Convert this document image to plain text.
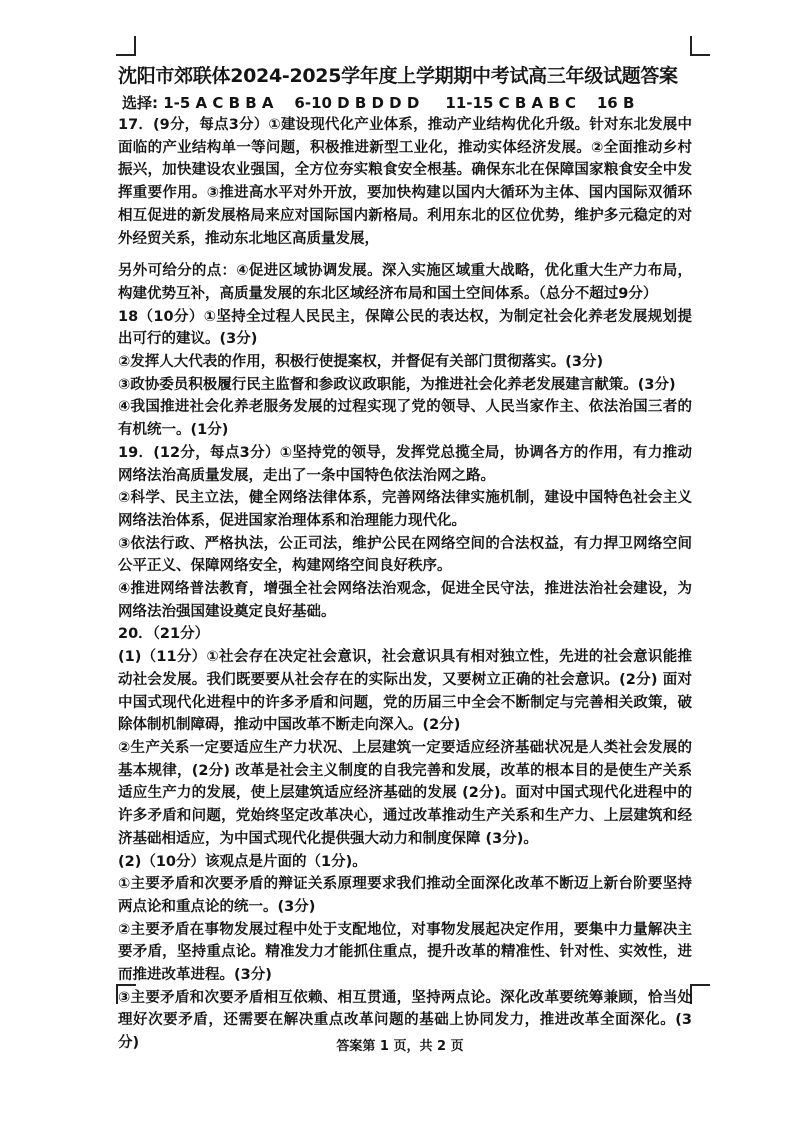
沈阳市郊联体2024-2025学年度上学期期中考试高三年级试题答案
选择: 1-5 A C B B A    6-10 D B D D D     11-15 C B A B C    16 B

17．(9分，每点3分）①建设现代化产业体系，推动产业结构优化升级。针对东北发展中面临的产业结构单一等问题，积极推进新型工业化，推动实体经济发展。②全面推动乡村振兴，加快建设农业强国，全方位夯实粮食安全根基。确保东北在保障国家粮食安全中发挥重要作用。③推进高水平对外开放，要加快构建以国内大循环为主体、国内国际双循环相互促进的新发展格局来应对国际国内新格局。利用东北的区位优势，维护多元稳定的对外经贸关系，推动东北地区高质量发展，

另外可给分的点：④促进区域协调发展。深入实施区域重大战略，优化重大生产力布局，构建优势互补，高质量发展的东北区域经济布局和国土空间体系。（总分不超过9分）

18（10分）①坚持全过程人民民主，保障公民的表达权，为制定社会化养老发展规划提出可行的建议。(3分)

②发挥人大代表的作用，积极行使提案权，并督促有关部门贯彻落实。(3分)

③政协委员积极履行民主监督和参政议政职能，为推进社会化养老发展建言献策。(3分)

④我国推进社会化养老服务发展的过程实现了党的领导、人民当家作主、依法治国三者的有机统一。(1分)

19．(12分，每点3分）①坚持党的领导，发挥党总揽全局，协调各方的作用，有力推动网络法治高质量发展，走出了一条中国特色依法治网之路。

②科学、民主立法，健全网络法律体系，完善网络法律实施机制，建设中国特色社会主义网络法治体系，促进国家治理体系和治理能力现代化。

③依法行政、严格执法，公正司法，维护公民在网络空间的合法权益，有力捍卫网络空间公平正义、保障网络安全，构建网络空间良好秩序。

④推进网络普法教育，增强全社会网络法治观念，促进全民守法，推进法治社会建设，为网络法治强国建设奠定良好基础。

20．（21分）

(1)（11分）①社会存在决定社会意识，社会意识具有相对独立性，先进的社会意识能推动社会发展。我们既要要从社会存在的实际出发，又要树立正确的社会意识。(2分) 面对中国式现代化进程中的许多矛盾和问题，党的历届三中全会不断制定与完善相关政策，破除体制机制障碍，推动中国改革不断走向深入。(2分)

②生产关系一定要适应生产力状况、上层建筑一定要适应经济基础状况是人类社会发展的基本规律，(2分) 改革是社会主义制度的自我完善和发展，改革的根本目的是使生产关系适应生产力的发展，使上层建筑适应经济基础的发展 (2分)。面对中国式现代化进程中的许多矛盾和问题，党始终坚定改革决心，通过改革推动生产关系和生产力、上层建筑和经济基础相适应，为中国式现代化提供强大动力和制度保障 (3分)。

(2)（10分）该观点是片面的（1分)。

①主要矛盾和次要矛盾的辩证关系原理要求我们推动全面深化改革不断迈上新台阶要坚持两点论和重点论的统一。(3分)

②主要矛盾在事物发展过程中处于支配地位，对事物发展起决定作用，要集中力量解决主要矛盾，坚持重点论。精准发力才能抓住重点，提升改革的精准性、针对性、实效性，进而推进改革进程。(3分)

③主要矛盾和次要矛盾相互依赖、相互贯通，坚持两点论。深化改革要统筹兼顾，恰当处理好次要矛盾，还需要在解决重点改革问题的基础上协同发力，推进改革全面深化。(3分)	答案第 1 页，共 2 页
